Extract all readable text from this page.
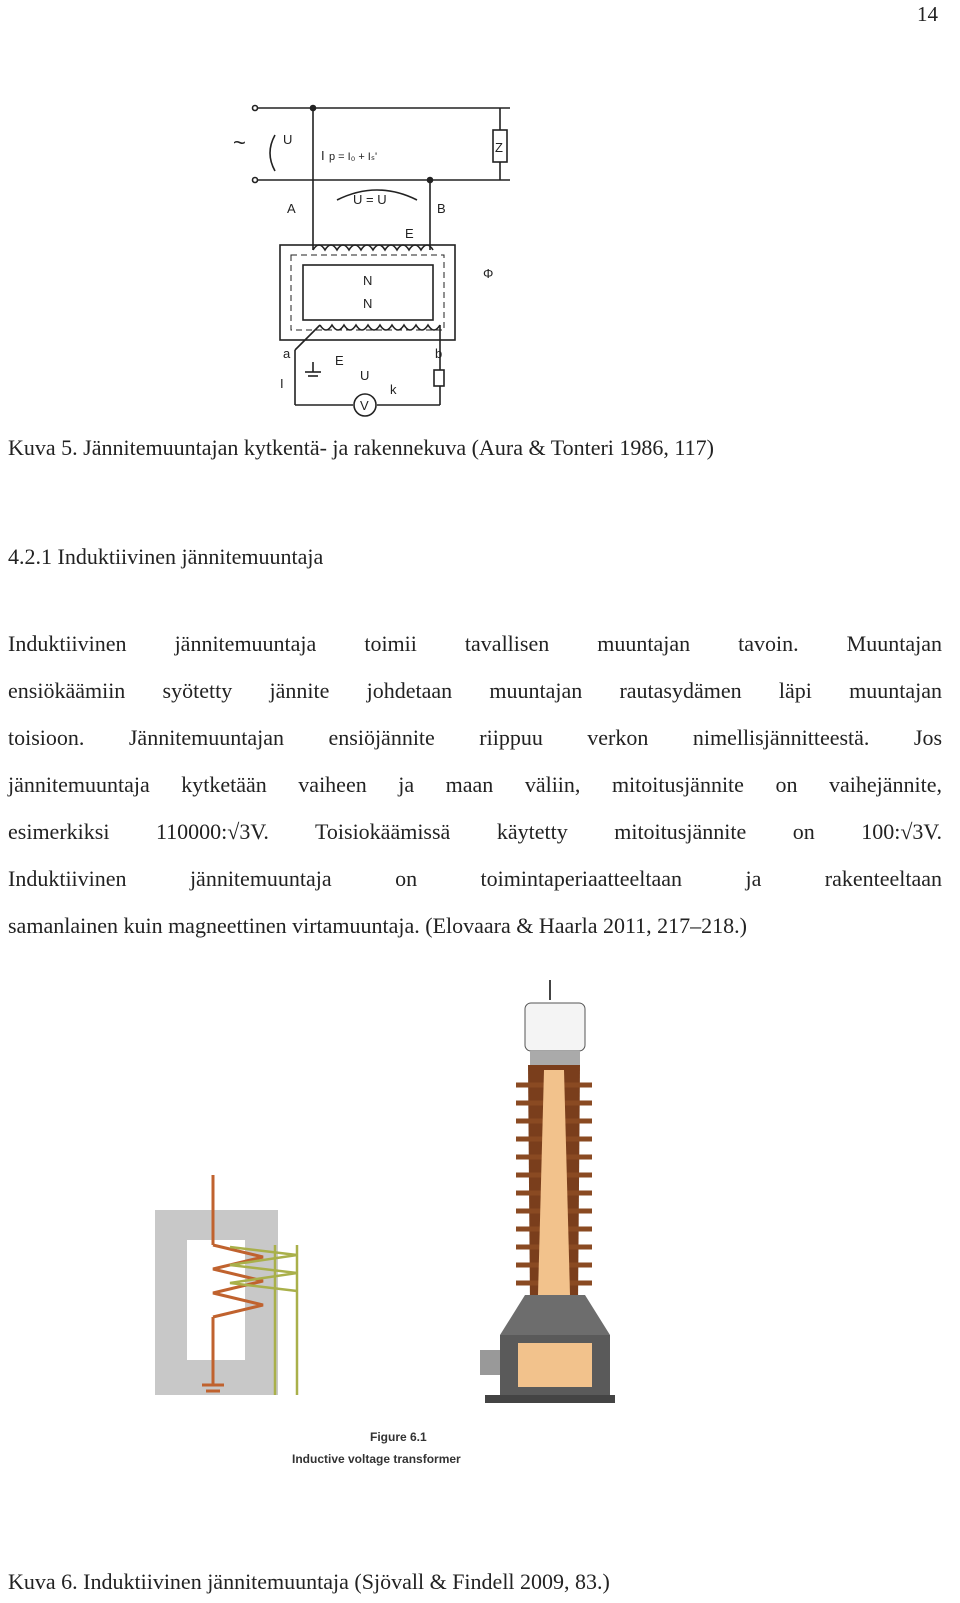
14
~	U
Z
I p = I₀ + Iₛ'
A	B
U = U
E
Φ
N
N
a	b
E
U
I
V
k
Kuva 5. Jännitemuuntajan kytkentä- ja rakennekuva (Aura & Tonteri 1986, 117)
4.2.1 Induktiivinen jännitemuuntaja
Induktiivinen jännitemuuntaja toimii tavallisen muuntajan tavoin. Muuntajan
ensiökäämiin syötetty jännite johdetaan muuntajan rautasydämen läpi muuntajan
toisioon. Jännitemuuntajan ensiöjännite riippuu verkon nimellisjännitteestä. Jos
jännitemuuntaja kytketään vaiheen ja maan väliin, mitoitusjännite on vaihejännite,
esimerkiksi 110000:√3V. Toisiokäämissä käytetty mitoitusjännite on 100:√3V.
Induktiivinen jännitemuuntaja on toimintaperiaatteeltaan ja rakenteeltaan
samanlainen kuin magneettinen virtamuuntaja. (Elovaara & Haarla 2011, 217–218.)
Figure 6.1
Inductive voltage transformer
Kuva 6. Induktiivinen jännitemuuntaja (Sjövall & Findell 2009, 83.)
